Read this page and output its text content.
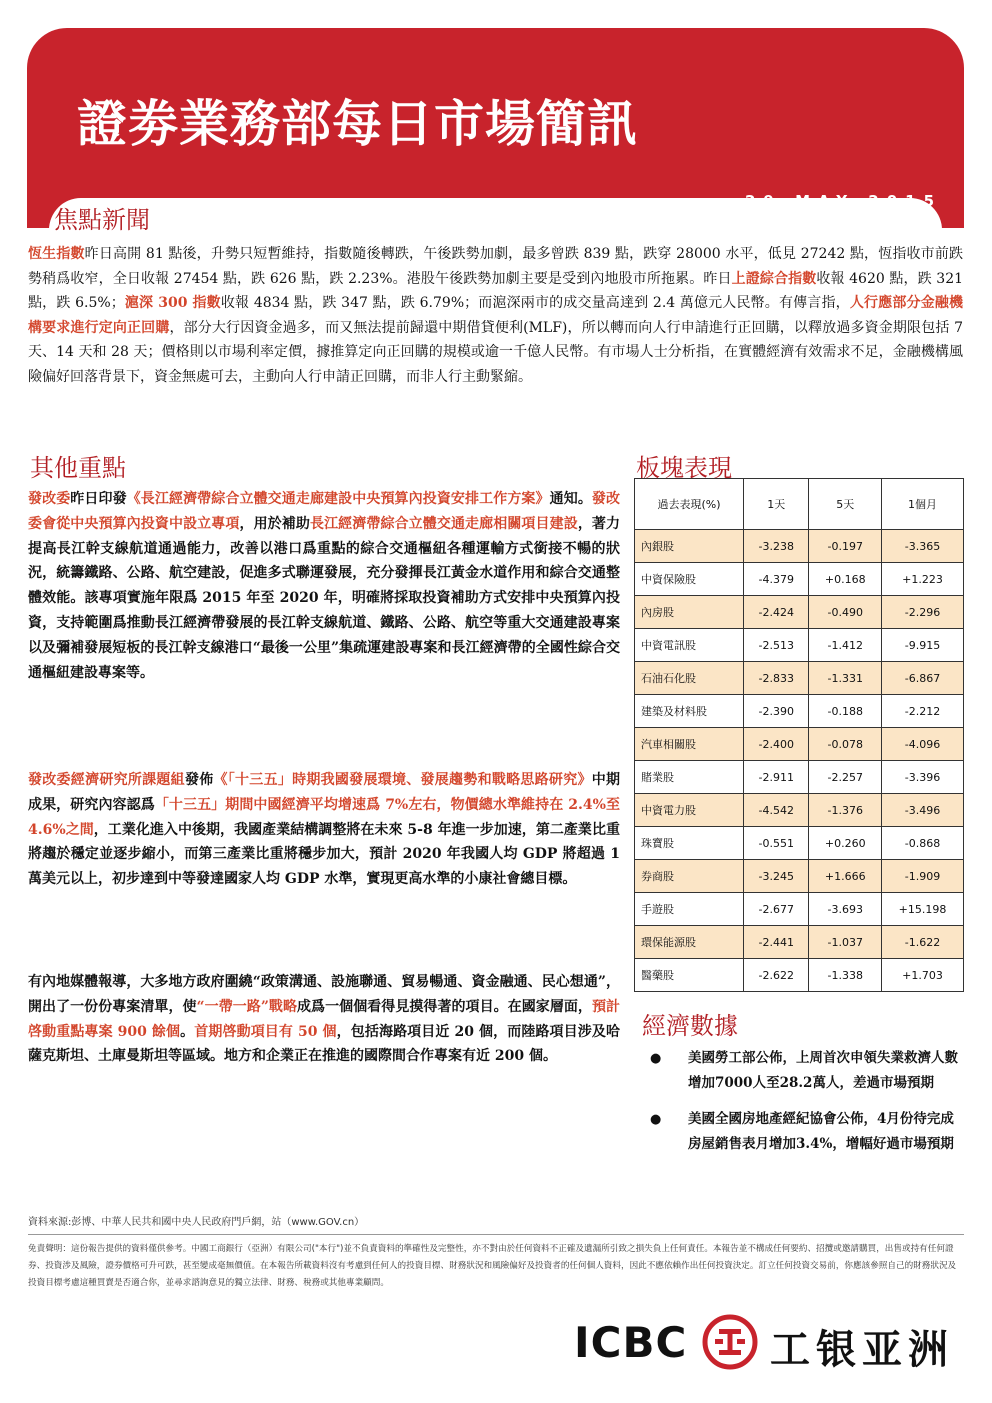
證劵業務部每日市場簡訊
29 MAY 2015
焦點新聞

恆生指數昨日高開 81 點後，升勢只短暫維持，指數隨後轉跌，午後跌勢加劇，最多曾跌 839 點，跌穿 28000 水平，低見 27242 點，恆指收市前跌勢稍爲收窄，全日收報 27454 點，跌 626 點，跌 2.23%。港股午後跌勢加劇主要是受到內地股市所拖累。昨日上證綜合指數收報 4620 點，跌 321 點，跌 6.5%；滬深 300 指數收報 4834 點，跌 347 點，跌 6.79%；而滬深兩市的成交量高達到 2.4 萬億元人民幣。有傳言指，人行應部分金融機構要求進行定向正回購，部分大行因資金過多，而又無法提前歸還中期借貸便利(MLF)，所以轉而向人行申請進行正回購，以釋放過多資金期限包括 7 天、14 天和 28 天；價格則以市場利率定價，據推算定向正回購的規模或逾一千億人民幣。有市場人士分析指，在實體經濟有效需求不足，金融機構風險偏好回落背景下，資金無處可去，主動向人行申請正回購，而非人行主動緊縮。

其他重點

發改委昨日印發《長江經濟帶綜合立體交通走廊建設中央預算內投資安排工作方案》通知。發改委會從中央預算內投資中設立專項，用於補助長江經濟帶綜合立體交通走廊相關項目建設，著力提高長江幹支線航道通過能力，改善以港口爲重點的綜合交通樞紐各種運輸方式銜接不暢的狀況，統籌鐵路、公路、航空建設，促進多式聯運發展，充分發揮長江黃金水道作用和綜合交通整體效能。該專項實施年限爲 2015 年至 2020 年，明確將採取投資補助方式安排中央預算內投資，支持範圍爲推動長江經濟帶發展的長江幹支線航道、鐵路、公路、航空等重大交通建設專案以及彌補發展短板的長江幹支線港口“最後一公里”集疏運建設專案和長江經濟帶的全國性綜合交通樞紐建設專案等。

發改委經濟研究所課題組發佈《「十三五」時期我國發展環境、發展趨勢和戰略思路研究》中期成果，研究內容認爲「十三五」期間中國經濟平均增速爲 7%左右，物價總水準維持在 2.4%至 4.6%之間，工業化進入中後期，我國產業結構調整將在未來 5-8 年進一步加速，第二產業比重將趨於穩定並逐步縮小，而第三產業比重將穩步加大，預計 2020 年我國人均 GDP 將超過 1 萬美元以上，初步達到中等發達國家人均 GDP 水準，實現更高水準的小康社會總目標。

有內地媒體報導，大多地方政府圍繞“政策溝通、設施聯通、貿易暢通、資金融通、民心想通”，開出了一份份專案清單，使“一帶一路”戰略成爲一個個看得見摸得著的項目。在國家層面，預計啓動重點專案 900 餘個。首期啓動項目有 50 個，包括海路項目近 20 個，而陸路項目涉及哈薩克斯坦、土庫曼斯坦等區域。地方和企業正在推進的國際間合作專案有近 200 個。

板塊表現
過去表現(%)	1天	5天	1個月
內銀股	-3.238	-0.197	-3.365
中資保險股	-4.379	+0.168	+1.223
內房股	-2.424	-0.490	-2.296
中資電訊股	-2.513	-1.412	-9.915
石油石化股	-2.833	-1.331	-6.867
建築及材料股	-2.390	-0.188	-2.212
汽車相關股	-2.400	-0.078	-4.096
賭業股	-2.911	-2.257	-3.396
中資電力股	-4.542	-1.376	-3.496
珠寶股	-0.551	+0.260	-0.868
券商股	-3.245	+1.666	-1.909
手遊股	-2.677	-3.693	+15.198
環保能源股	-2.441	-1.037	-1.622
醫藥股	-2.622	-1.338	+1.703
經濟數據
● 美國勞工部公佈，上周首次申領失業救濟人數增加7000人至28.2萬人，差過市場預期
● 美國全國房地產經紀協會公佈，4月份待完成房屋銷售表月增加3.4%，增幅好過市場預期
資料來源:彭博、中華人民共和國中央人民政府門戶網，站（www.GOV.cn）

免責聲明：這份報告提供的資料僅供參考。中國工商銀行（亞洲）有限公司("本行")並不負責資料的準確性及完整性，亦不對由於任何資料不正確及遺漏所引致之損失負上任何責任。本報告並不構成任何要約、招攬或邀請購買，出售或持有任何證券、投資涉及風險，證券價格可升可跌，甚至變成毫無價值。在本報告所載資料沒有考慮到任何人的投資目標、財務狀況和風險偏好及投資者的任何個人資料，因此不應依賴作出任何投資決定。訂立任何投資交易前，你應該參照自己的財務狀況及投資目標考慮這種買賣是否適合你，並尋求諮詢意見的獨立法律、財務、稅務或其他專業顧問。

ICBC 工银亚洲
